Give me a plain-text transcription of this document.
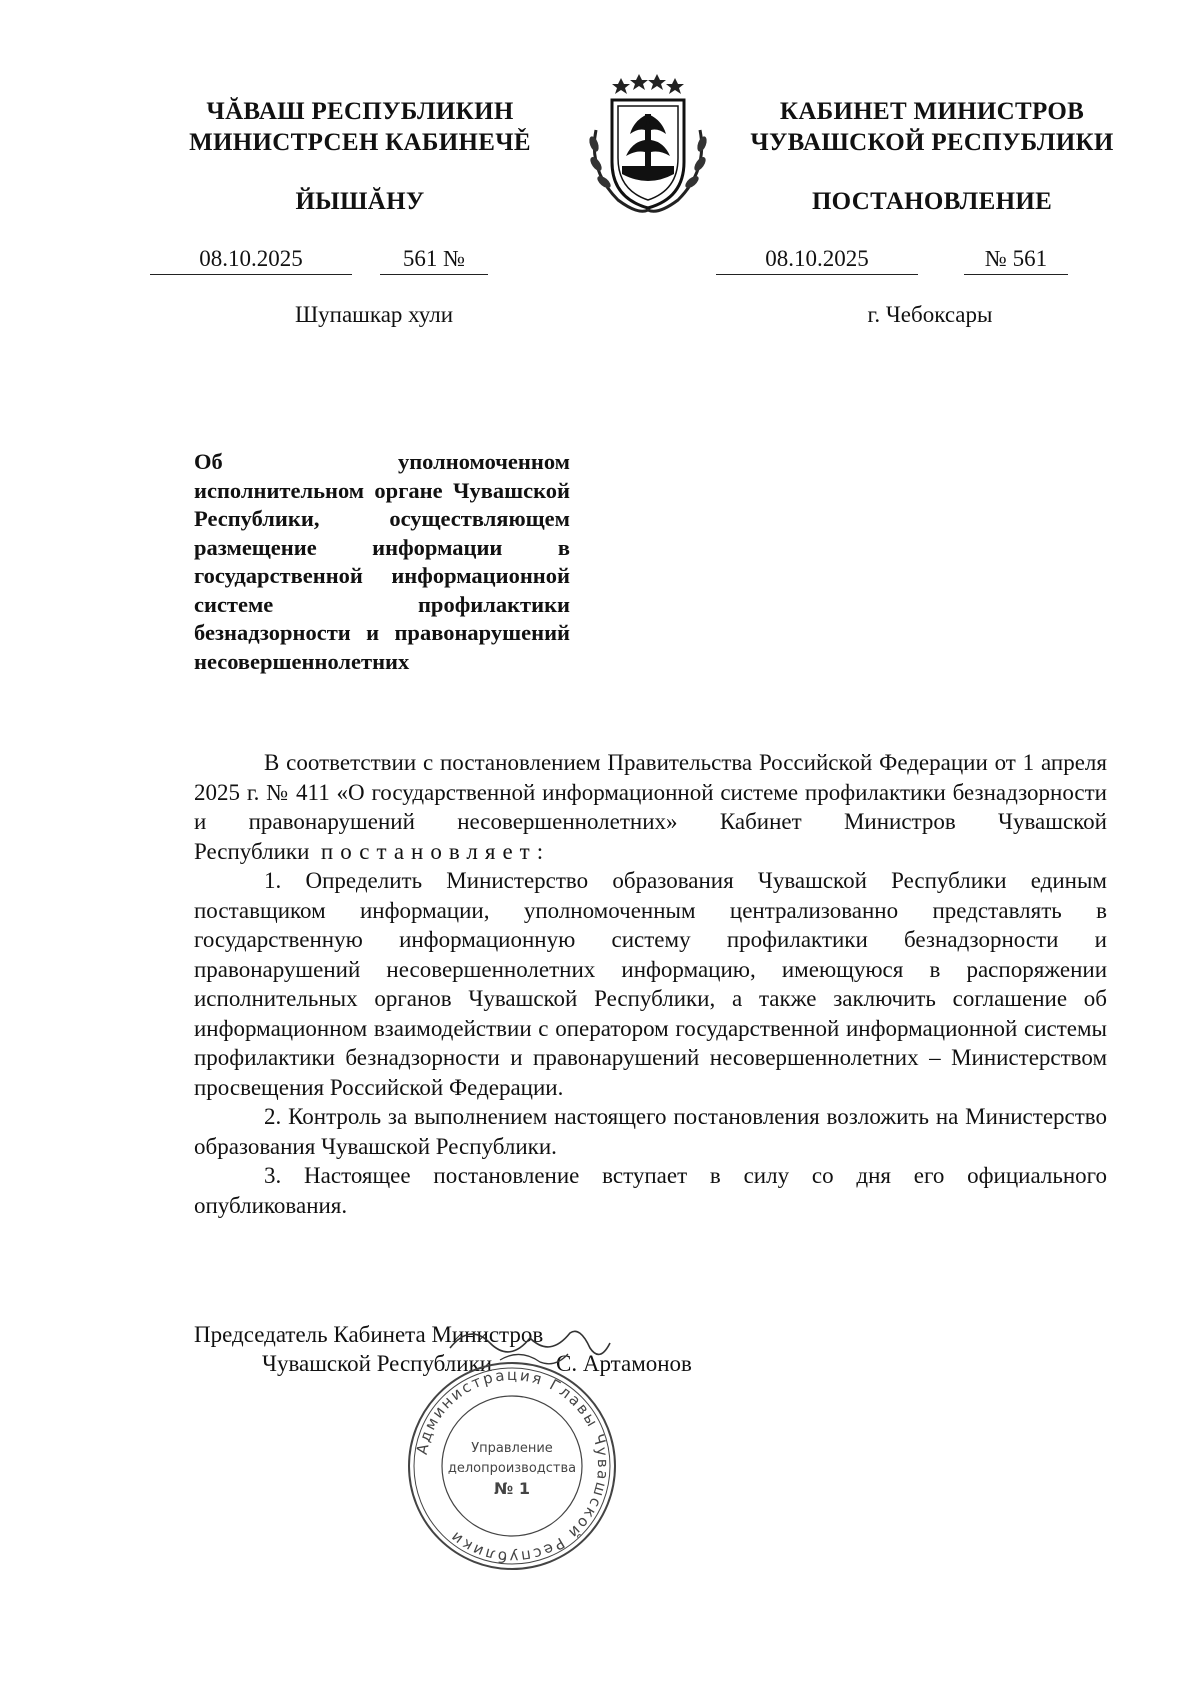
ЧĂВАШ РЕСПУБЛИКИН
МИНИСТРСЕН КАБИНЕЧĚ
ЙЫШĂНУ
КАБИНЕТ МИНИСТРОВ
ЧУВАШСКОЙ РЕСПУБЛИКИ
ПОСТАНОВЛЕНИЕ
08.10.2025	561 №	08.10.2025	№ 561
Шупашкар хули	г. Чебоксары
Об уполномоченном исполнительном органе Чувашской Республики, осуществляющем размещение информации в государственной информационной системе профилактики безнадзорности и правонарушений несовершеннолетних

В соответствии с постановлением Правительства Российской Федерации от 1 апреля 2025 г. № 411 «О государственной информационной системе профилактики безнадзорности и правонарушений несовершеннолетних» Кабинет Министров Чувашской Республики постановляет:

1. Определить Министерство образования Чувашской Республики единым поставщиком информации, уполномоченным централизованно представлять в государственную информационную систему профилактики безнадзорности и правонарушений несовершеннолетних информацию, имеющуюся в распоряжении исполнительных органов Чувашской Республики, а также заключить соглашение об информационном взаимодействии с оператором государственной информационной системы профилактики безнадзорности и правонарушений несовершеннолетних – Министерством просвещения Российской Федерации.

2. Контроль за выполнением настоящего постановления возложить на Министерство образования Чувашской Республики.

3. Настоящее постановление вступает в силу со дня его официального опубликования.

Председатель Кабинета Министров
Чувашской Республики	С. Артамонов
Администрация Главы Чувашской Республики
Управление
делопроизводства
№ 1
